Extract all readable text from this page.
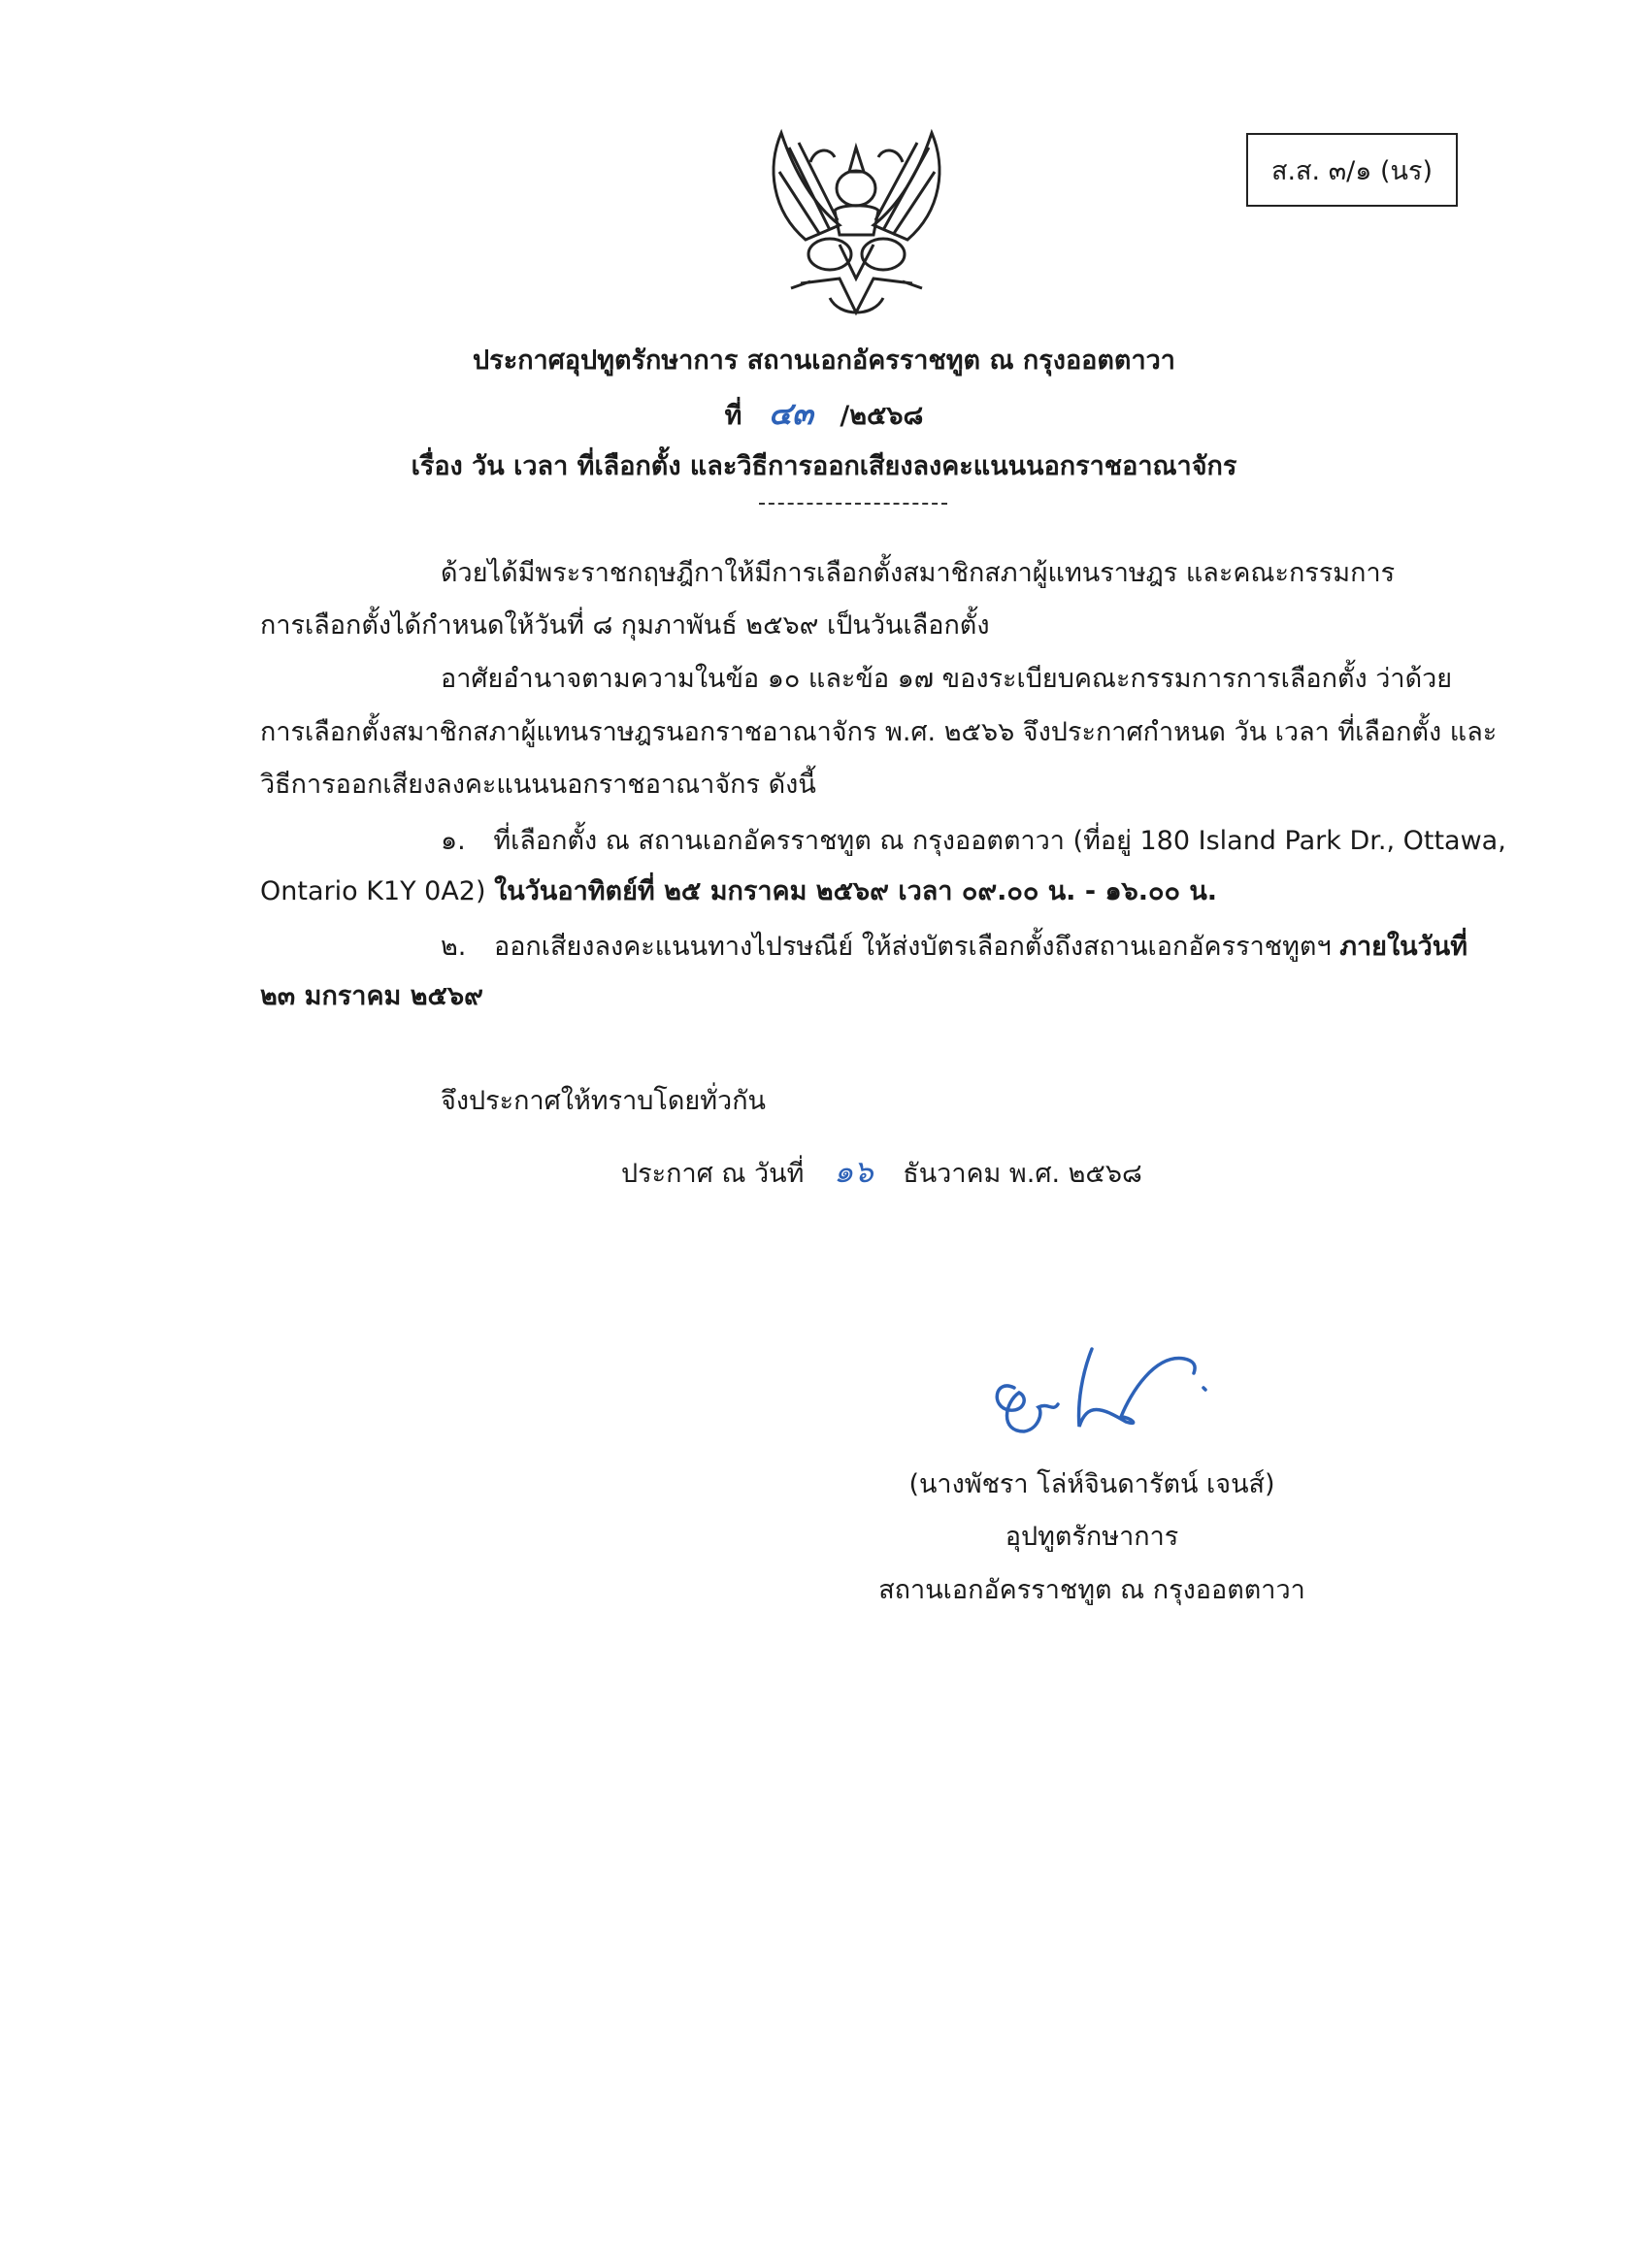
ส.ส. ๓/๑ (นร)
ประกาศอุปทูตรักษาการ สถานเอกอัครราชทูต ณ กรุงออตตาวา
ที่ ๔๓ /๒๕๖๘
เรื่อง วัน เวลา ที่เลือกตั้ง และวิธีการออกเสียงลงคะแนนนอกราชอาณาจักร
ด้วยได้มีพระราชกฤษฎีกาให้มีการเลือกตั้งสมาชิกสภาผู้แทนราษฎร และคณะกรรมการ
การเลือกตั้งได้กำหนดให้วันที่ ๘ กุมภาพันธ์ ๒๕๖๙ เป็นวันเลือกตั้ง
อาศัยอำนาจตามความในข้อ ๑๐ และข้อ ๑๗ ของระเบียบคณะกรรมการการเลือกตั้ง ว่าด้วย
การเลือกตั้งสมาชิกสภาผู้แทนราษฎรนอกราชอาณาจักร พ.ศ. ๒๕๖๖ จึงประกาศกำหนด วัน เวลา ที่เลือกตั้ง และ
วิธีการออกเสียงลงคะแนนนอกราชอาณาจักร ดังนี้
๑. ที่เลือกตั้ง ณ สถานเอกอัครราชทูต ณ กรุงออตตาวา (ที่อยู่ 180 Island Park Dr., Ottawa,
Ontario K1Y 0A2) ในวันอาทิตย์ที่ ๒๕ มกราคม ๒๕๖๙ เวลา ๐๙.๐๐ น. - ๑๖.๐๐ น.
๒. ออกเสียงลงคะแนนทางไปรษณีย์ ให้ส่งบัตรเลือกตั้งถึงสถานเอกอัครราชทูตฯ ภายในวันที่
๒๓ มกราคม ๒๕๖๙
จึงประกาศให้ทราบโดยทั่วกัน
ประกาศ ณ วันที่ ๑๖ ธันวาคม พ.ศ. ๒๕๖๘
(นางพัชรา โล่ห์จินดารัตน์ เจนส์)
อุปทูตรักษาการ
สถานเอกอัครราชทูต ณ กรุงออตตาวา
